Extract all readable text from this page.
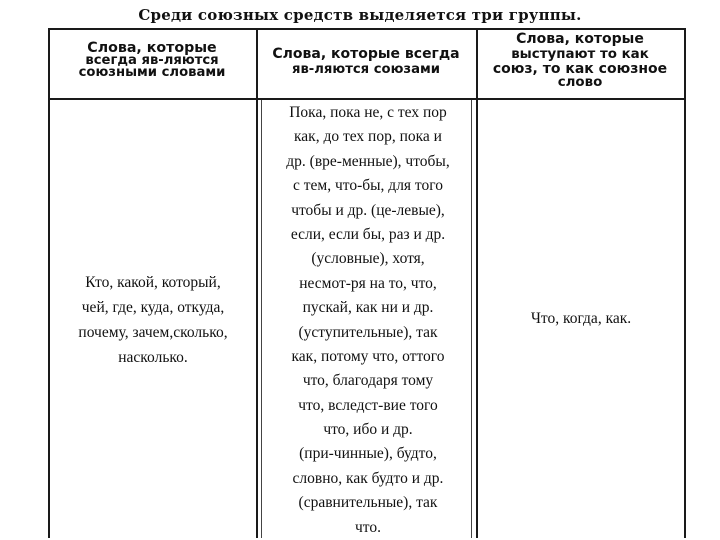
Среди союзных средств выделяется три группы.
Слова, которые
всегда яв-ляются
союзными словами
Слова, которые всегда
яв-ляются союзами
Слова, которые
выступают то как
союз, то как союзное
слово
Кто, какой, который,
чей, где, куда, откуда,
почему, зачем,сколько,
насколько.
Пока, пока не, с тех пор
как, до тех пор, пока и
др. (вре-менные), чтобы,
с тем, что-бы, для того
чтобы и др. (це-левые),
если, если бы, раз и др.
(условные), хотя,
несмот-ря на то, что,
пускай, как ни и др.
(уступительные), так
как, потому что, оттого
что, благодаря тому
что, вследст-вие того
что, ибо и др.
(при-чинные), будто,
словно, как будто и др.
(сравнительные), так
что.
Что, когда, как.
